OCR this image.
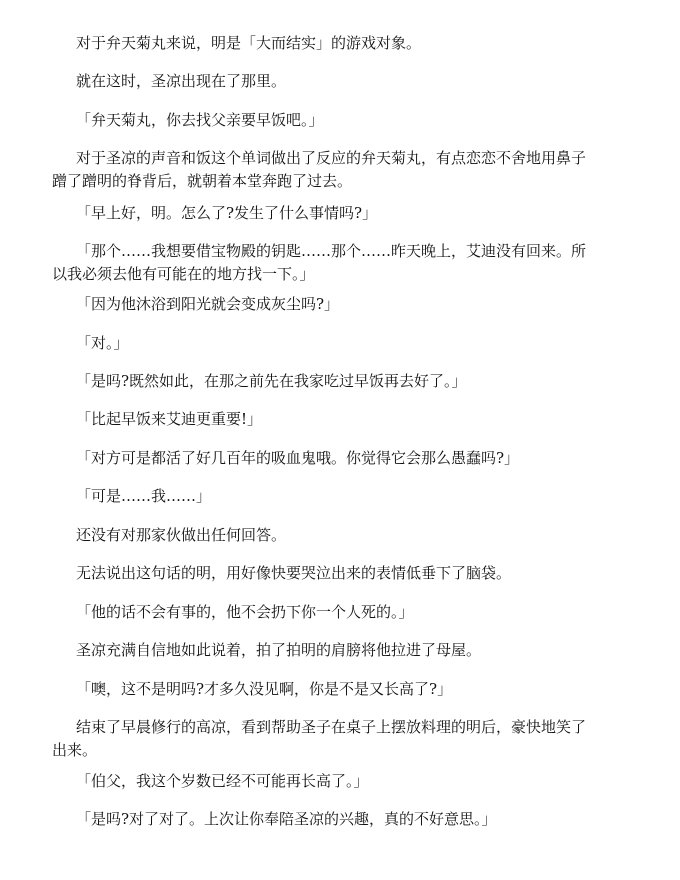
对于弁天菊丸来说，明是「大而结实」的游戏对象。

就在这时，圣凉出现在了那里。

「弁天菊丸，你去找父亲要早饭吧。」

对于圣凉的声音和饭这个单词做出了反应的弁天菊丸，有点恋恋不舍地用鼻子
蹭了蹭明的脊背后，就朝着本堂奔跑了过去。

「早上好，明。怎么了?发生了什么事情吗?」

「那个……我想要借宝物殿的钥匙……那个……昨天晚上，艾迪没有回来。所
以我必须去他有可能在的地方找一下。」

「因为他沐浴到阳光就会变成灰尘吗?」

「对。」

「是吗?既然如此，在那之前先在我家吃过早饭再去好了。」

「比起早饭来艾迪更重要!」

「对方可是都活了好几百年的吸血鬼哦。你觉得它会那么愚蠢吗?」

「可是……我……」

还没有对那家伙做出任何回答。

无法说出这句话的明，用好像快要哭泣出来的表情低垂下了脑袋。

「他的话不会有事的，他不会扔下你一个人死的。」

圣凉充满自信地如此说着，拍了拍明的肩膀将他拉进了母屋。

「噢，这不是明吗?才多久没见啊，你是不是又长高了?」

结束了早晨修行的高凉，看到帮助圣子在桌子上摆放料理的明后，豪快地笑了
出来。

「伯父，我这个岁数已经不可能再长高了。」

「是吗?对了对了。上次让你奉陪圣凉的兴趣，真的不好意思。」
